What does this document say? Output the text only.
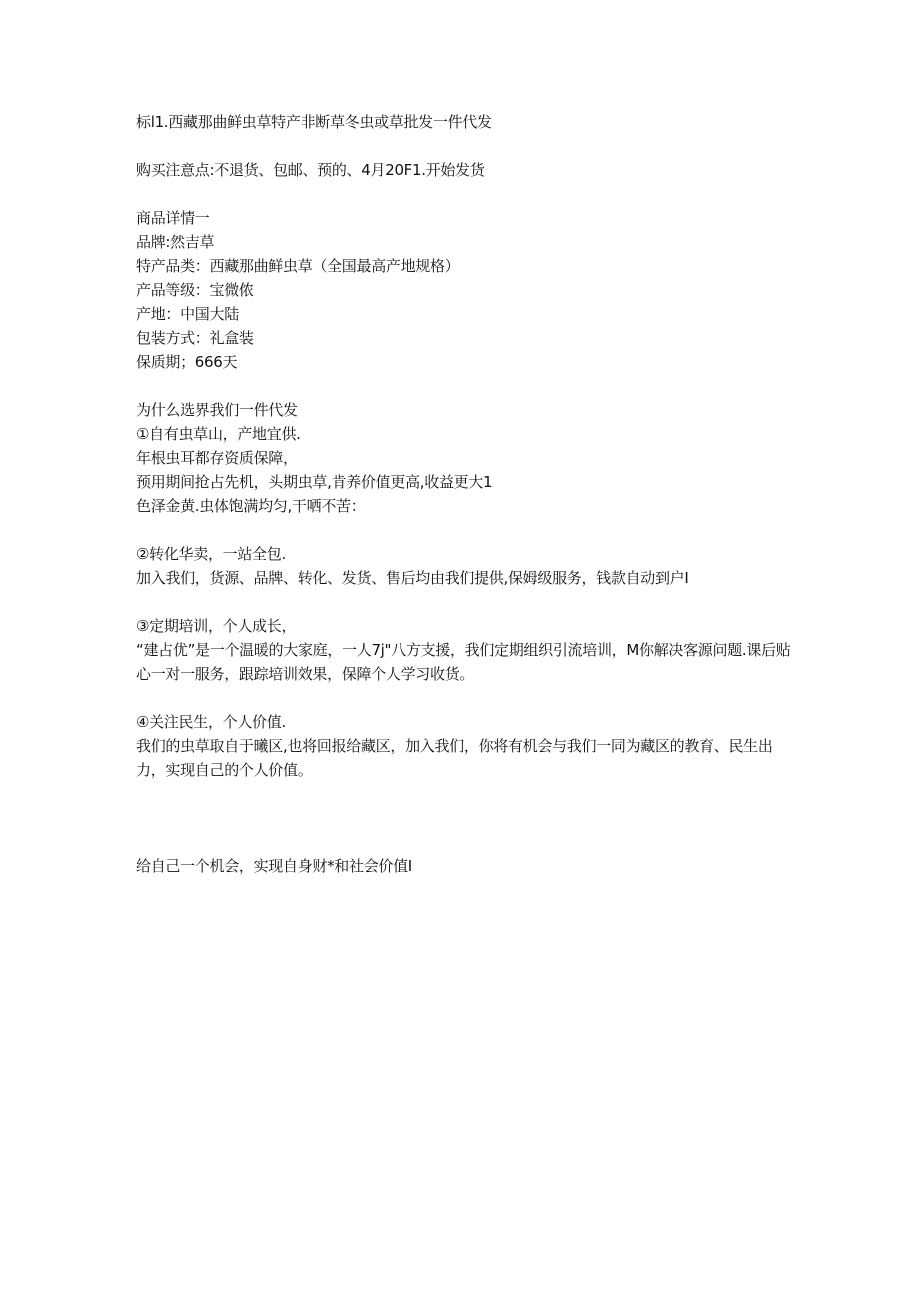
标l1.西藏那曲鲜虫草特产非断草冬虫或草批发一件代发
购买注意点:不退货、包邮、预的、4月20F1.开始发货
商品详情一
品牌:然吉草
特产品类：西藏那曲鲜虫草（全国最高产地规格）
产品等级：宝微侬
产地：中国大陆
包装方式：礼盒装
保质期；666天
为什么选界我们一件代发
①自有虫草山，产地宜供.
年根虫耳都存资质保障，
预用期间抢占先机，头期虫草,肯养价值更高,收益更大1
色泽金黄.虫体饱满均匀,干哂不苦：
②转化华卖，一站全包.
加入我们，货源、品牌、转化、发货、售后均由我们提供,保姆级服务，钱款自动到户I
③定期培训，个人成长，
“建占优”是一个温暖的大家庭，一人7j"八方支援，我们定期组织引流培训，M你解决客源问题.课后贴心一对一服务，跟踪培训效果，保障个人学习收货。
④关注民生，个人价值.
我们的虫草取自于曦区,也将回报给藏区，加入我们，你将有机会与我们一同为藏区的教育、民生出力，实现自己的个人价值。
给自己一个机会，实现自身财*和社会价值I
